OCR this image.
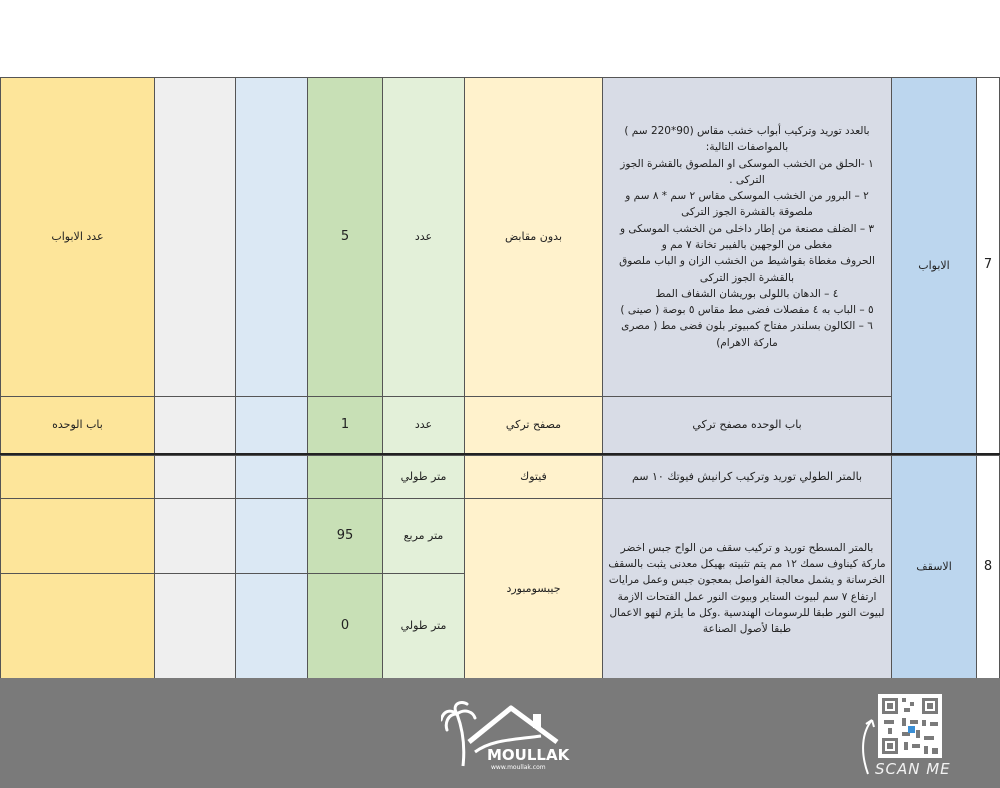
7
الابواب
بالعدد توريد وتركيب أبواب خشب مقاس (90*220 سم )
بالمواصفات التالية:
١ -الحلق من الخشب الموسكى او الملصوق بالقشرة الجوز
التركى .
٢ – البرور من الخشب الموسكى مقاس ٢ سم * ٨ سم و
ملصوقة بالقشرة الجوز التركى
٣ – الضلف مصنعة من إطار داخلى من الخشب الموسكى و
مغطى من الوجهين بالفيبر تخانة ٧ مم و
الحروف مغطاة بقواشيط من الخشب الزان و الباب ملصوق
بالقشرة الجوز التركى
٤ – الدهان باللولى بوريشان الشفاف المط
٥ – الباب به ٤ مفصلات فضى مط مقاس ٥ بوصة ( صينى )
٦ – الكالون بسلندر مفتاح كمبيوتر بلون فضى مط ( مصرى
ماركة الاهرام)
بدون مقابض
عدد
5
عدد الابواب
باب الوحده مصفح تركي
مصفح تركي
عدد
1
باب الوحده
8
الاسقف
بالمتر الطولي توريد وتركيب كرانيش فيوتك ١٠ سم
فيتوك
متر طولي
بالمتر المسطح توريد و تركيب سقف من الواح جبس اخضر
ماركة كيناوف سمك ١٢ مم يتم تثبيته بهيكل معدنى يثبت بالسقف
الخرسانة و يشمل معالجة الفواصل بمعجون جبس وعمل مرايات
ارتفاع ٧ سم لبيوت الستاير وبيوت النور عمل الفتحات الازمة
لبيوت النور طبقا للرسومات الهندسية .وكل ما يلزم لنهو الاعمال
طبقا لأصول الصناعة
جيبسومبورد
متر مربع
95
متر طولي
0
MOULLAK
www.moullak.com	SCAN ME
